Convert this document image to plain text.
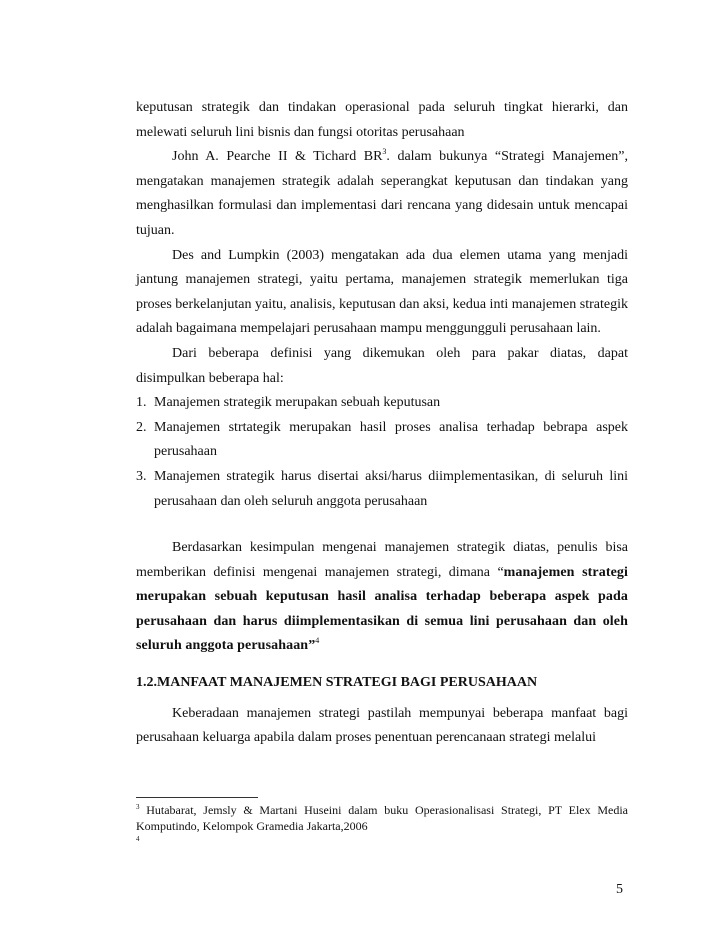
keputusan strategik dan tindakan operasional pada seluruh tingkat hierarki, dan melewati seluruh lini bisnis dan fungsi otoritas perusahaan

John A. Pearche II & Tichard $BR^3$. dalam bukunya “Strategi Manajemen”, mengatakan manajemen strategik adalah seperangkat keputusan dan tindakan yang menghasilkan formulasi dan implementasi dari rencana yang didesain untuk mencapai tujuan.

Des and Lumpkin (2003) mengatakan ada dua elemen utama yang menjadi jantung manajemen strategi, yaitu pertama, manajemen strategik memerlukan tiga proses berkelanjutan yaitu, analisis, keputusan dan aksi, kedua inti manajemen strategik adalah bagaimana mempelajari perusahaan mampu menggungguli perusahaan lain.

Dari beberapa definisi yang dikemukan oleh para pakar diatas, dapat disimpulkan beberapa hal:

1. Manajemen strategik merupakan sebuah keputusan
2. Manajemen strtategik merupakan hasil proses analisa terhadap bebrapa aspek perusahaan
3. Manajemen strategik harus disertai aksi/harus diimplementasikan, di seluruh lini perusahaan dan oleh seluruh anggota perusahaan

Berdasarkan kesimpulan mengenai manajemen strategik diatas, penulis bisa memberikan definisi mengenai manajemen strategi, dimana “manajemen strategi merupakan sebuah keputusan hasil analisa terhadap beberapa aspek pada perusahaan dan harus diimplementasikan di semua lini perusahaan dan oleh seluruh anggota perusahaan”$^4$

1.2.MANFAAT MANAJEMEN STRATEGI BAGI PERUSAHAAN

Keberadaan manajemen strategi pastilah mempunyai beberapa manfaat bagi perusahaan keluarga apabila dalam proses penentuan perencanaan strategi melalui

$^3$ Hutabarat, Jemsly & Martani Huseini dalam buku Operasionalisasi Strategi, PT Elex Media Komputindo, Kelompok Gramedia Jakarta,2006
$^4$
5
